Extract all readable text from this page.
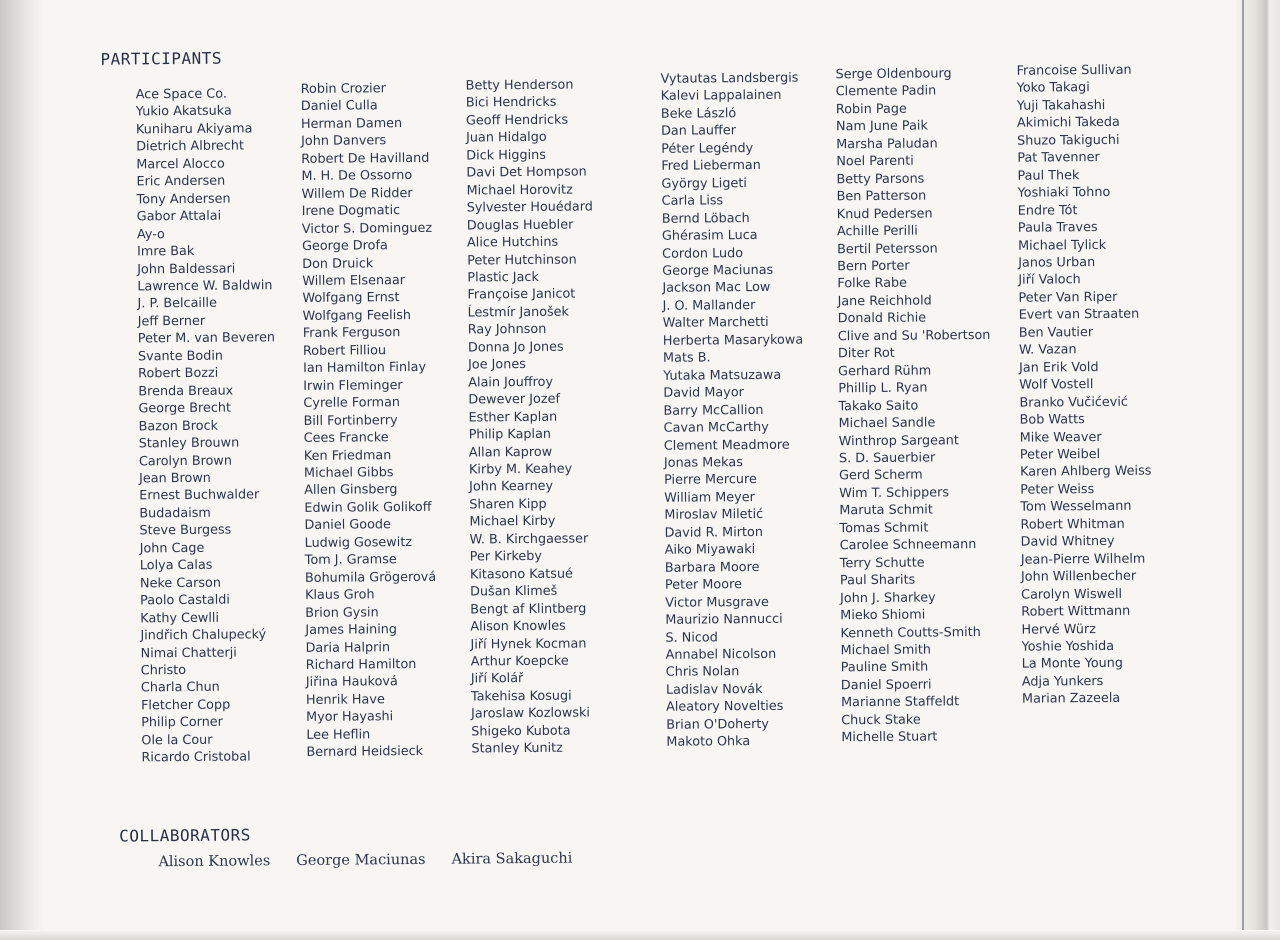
PARTICIPANTS
Ace Space Co.
Yukio Akatsuka
Kuniharu Akiyama
Dietrich Albrecht
Marcel Alocco
Eric Andersen
Tony Andersen
Gabor Attalai
Ay-o
Imre Bak
John Baldessari
Lawrence W. Baldwin
J. P. Belcaille
Jeff Berner
Peter M. van Beveren
Svante Bodin
Robert Bozzi
Brenda Breaux
George Brecht
Bazon Brock
Stanley Brouwn
Carolyn Brown
Jean Brown
Ernest Buchwalder
Budadaism
Steve Burgess
John Cage
Lolya Calas
Neke Carson
Paolo Castaldi
Kathy Cewlli
Jindřich Chalupecký
Nimai Chatterji
Christo
Charla Chun
Fletcher Copp
Philip Corner
Ole la Cour
Ricardo Cristobal
Robin Crozier
Daniel Culla
Herman Damen
John Danvers
Robert De Havilland
M. H. De Ossorno
Willem De Ridder
Irene Dogmatic
Victor S. Dominguez
George Drofa
Don Druick
Willem Elsenaar
Wolfgang Ernst
Wolfgang Feelish
Frank Ferguson
Robert Filliou
Ian Hamilton Finlay
Irwin Fleminger
Cyrelle Forman
Bill Fortinberry
Cees Francke
Ken Friedman
Michael Gibbs
Allen Ginsberg
Edwin Golik Golikoff
Daniel Goode
Ludwig Gosewitz
Tom J. Gramse
Bohumila Grögerová
Klaus Groh
Brion Gysin
James Haining
Daria Halprin
Richard Hamilton
Jiřina Hauková
Henrik Have
Myor Hayashi
Lee Heflin
Bernard Heidsieck
Betty Henderson
Bici Hendricks
Geoff Hendricks
Juan Hidalgo
Dick Higgins
Davi Det Hompson
Michael Horovitz
Sylvester Houédard
Douglas Huebler
Alice Hutchins
Peter Hutchinson
Plastic Jack
Françoise Janicot
Ĺestmír Janošek
Ray Johnson
Donna Jo Jones
Joe Jones
Alain Jouffroy
Dewever Jozef
Esther Kaplan
Philip Kaplan
Allan Kaprow
Kirby M. Keahey
John Kearney
Sharen Kipp
Michael Kirby
W. B. Kirchgaesser
Per Kirkeby
Kitasono Katsué
Dušan Klimeš
Bengt af Klintberg
Alison Knowles
Jiří Hynek Kocman
Arthur Koepcke
Jiří Kolář
Takehisa Kosugi
Jaroslaw Kozlowski
Shigeko Kubota
Stanley Kunitz
Vytautas Landsbergis
Kalevi Lappalainen
Beke László
Dan Lauffer
Péter Legéndy
Fred Lieberman
György Ligeti
Carla Liss
Bernd Löbach
Ghérasim Luca
Cordon Ludo
George Maciunas
Jackson Mac Low
J. O. Mallander
Walter Marchetti
Herberta Masarykowa
Mats B.
Yutaka Matsuzawa
David Mayor
Barry McCallion
Cavan McCarthy
Clement Meadmore
Jonas Mekas
Pierre Mercure
William Meyer
Miroslav Miletić
David R. Mirton
Aiko Miyawaki
Barbara Moore
Peter Moore
Victor Musgrave
Maurizio Nannucci
S. Nicod
Annabel Nicolson
Chris Nolan
Ladislav Novák
Aleatory Novelties
Brian O'Doherty
Makoto Ohka
Serge Oldenbourg
Clemente Padin
Robin Page
Nam June Paik
Marsha Paludan
Noel Parenti
Betty Parsons
Ben Patterson
Knud Pedersen
Achille Perilli
Bertil Petersson
Bern Porter
Folke Rabe
Jane Reichhold
Donald Richie
Clive and Su 'Robertson
Diter Rot
Gerhard Rühm
Phillip L. Ryan
Takako Saito
Michael Sandle
Winthrop Sargeant
S. D. Sauerbier
Gerd Scherm
Wim T. Schippers
Maruta Schmit
Tomas Schmit
Carolee Schneemann
Terry Schutte
Paul Sharits
John J. Sharkey
Mieko Shiomi
Kenneth Coutts-Smith
Michael Smith
Pauline Smith
Daniel Spoerri
Marianne Staffeldt
Chuck Stake
Michelle Stuart
Francoise Sullivan
Yoko Takagi
Yuji Takahashi
Akimichi Takeda
Shuzo Takiguchi
Pat Tavenner
Paul Thek
Yoshiaki Tohno
Endre Tót
Paula Traves
Michael Tylick
Janos Urban
Jiří Valoch
Peter Van Riper
Evert van Straaten
Ben Vautier
W. Vazan
Jan Erik Vold
Wolf Vostell
Branko Vučićević
Bob Watts
Mike Weaver
Peter Weibel
Karen Ahlberg Weiss
Peter Weiss
Tom Wesselmann
Robert Whitman
David Whitney
Jean-Pierre Wilhelm
John Willenbecher
Carolyn Wiswell
Robert Wittmann
Hervé Würz
Yoshie Yoshida
La Monte Young
Adja Yunkers
Marian Zazeela
COLLABORATORS
Alison Knowles George Maciunas Akira Sakaguchi
